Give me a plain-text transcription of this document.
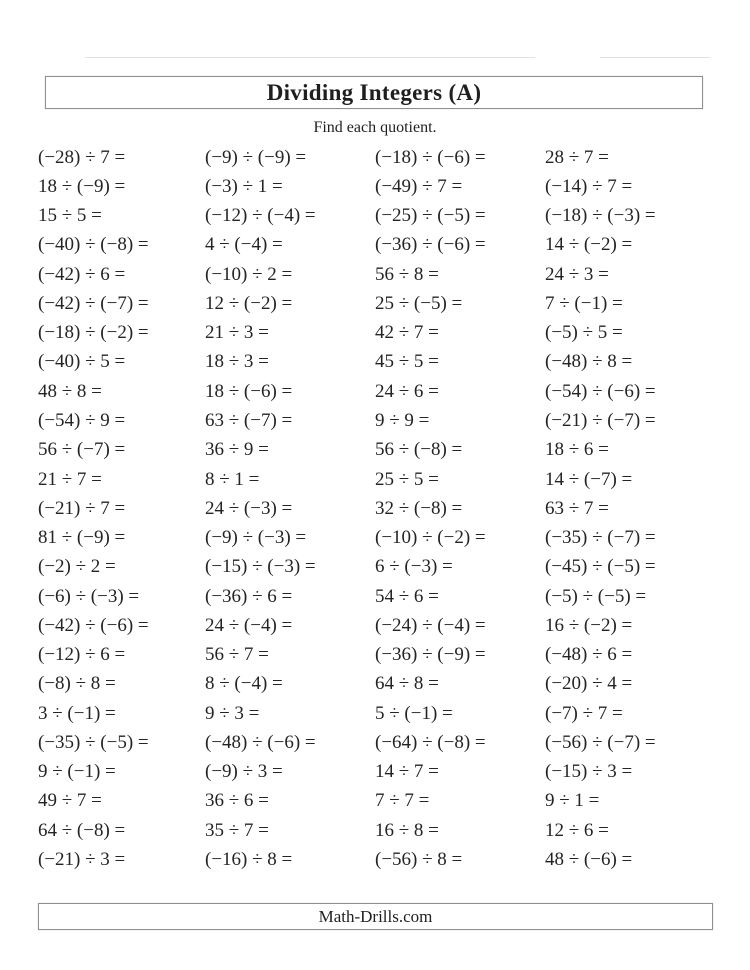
Dividing Integers (A)
Find each quotient.
(−28) ÷ 7 =	(−9) ÷ (−9) =	(−18) ÷ (−6) =	28 ÷ 7 =
18 ÷ (−9) =	(−3) ÷ 1 =	(−49) ÷ 7 =	(−14) ÷ 7 =
15 ÷ 5 =	(−12) ÷ (−4) =	(−25) ÷ (−5) =	(−18) ÷ (−3) =
(−40) ÷ (−8) =	4 ÷ (−4) =	(−36) ÷ (−6) =	14 ÷ (−2) =
(−42) ÷ 6 =	(−10) ÷ 2 =	56 ÷ 8 =	24 ÷ 3 =
(−42) ÷ (−7) =	12 ÷ (−2) =	25 ÷ (−5) =	7 ÷ (−1) =
(−18) ÷ (−2) =	21 ÷ 3 =	42 ÷ 7 =	(−5) ÷ 5 =
(−40) ÷ 5 =	18 ÷ 3 =	45 ÷ 5 =	(−48) ÷ 8 =
48 ÷ 8 =	18 ÷ (−6) =	24 ÷ 6 =	(−54) ÷ (−6) =
(−54) ÷ 9 =	63 ÷ (−7) =	9 ÷ 9 =	(−21) ÷ (−7) =
56 ÷ (−7) =	36 ÷ 9 =	56 ÷ (−8) =	18 ÷ 6 =
21 ÷ 7 =	8 ÷ 1 =	25 ÷ 5 =	14 ÷ (−7) =
(−21) ÷ 7 =	24 ÷ (−3) =	32 ÷ (−8) =	63 ÷ 7 =
81 ÷ (−9) =	(−9) ÷ (−3) =	(−10) ÷ (−2) =	(−35) ÷ (−7) =
(−2) ÷ 2 =	(−15) ÷ (−3) =	6 ÷ (−3) =	(−45) ÷ (−5) =
(−6) ÷ (−3) =	(−36) ÷ 6 =	54 ÷ 6 =	(−5) ÷ (−5) =
(−42) ÷ (−6) =	24 ÷ (−4) =	(−24) ÷ (−4) =	16 ÷ (−2) =
(−12) ÷ 6 =	56 ÷ 7 =	(−36) ÷ (−9) =	(−48) ÷ 6 =
(−8) ÷ 8 =	8 ÷ (−4) =	64 ÷ 8 =	(−20) ÷ 4 =
3 ÷ (−1) =	9 ÷ 3 =	5 ÷ (−1) =	(−7) ÷ 7 =
(−35) ÷ (−5) =	(−48) ÷ (−6) =	(−64) ÷ (−8) =	(−56) ÷ (−7) =
9 ÷ (−1) =	(−9) ÷ 3 =	14 ÷ 7 =	(−15) ÷ 3 =
49 ÷ 7 =	36 ÷ 6 =	7 ÷ 7 =	9 ÷ 1 =
64 ÷ (−8) =	35 ÷ 7 =	16 ÷ 8 =	12 ÷ 6 =
(−21) ÷ 3 =	(−16) ÷ 8 =	(−56) ÷ 8 =	48 ÷ (−6) =
Math-Drills.com
